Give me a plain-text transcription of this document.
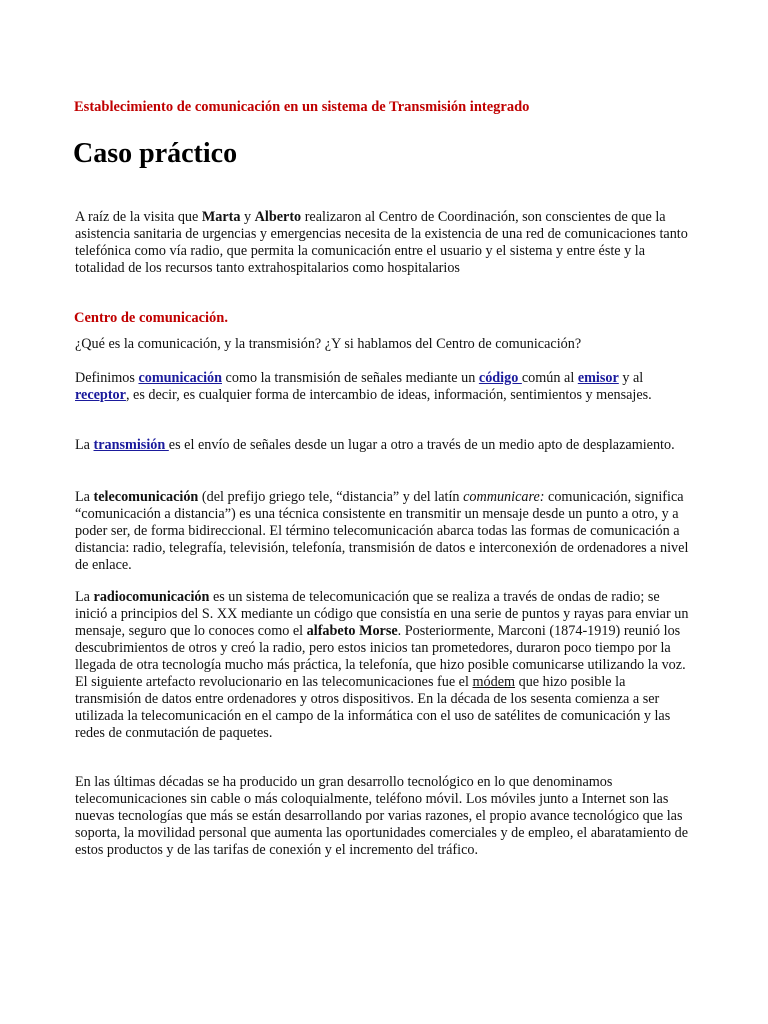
Establecimiento de comunicación en un sistema de Transmisión integrado
Caso práctico

A raíz de la visita que Marta y Alberto realizaron al Centro de Coordinación, son conscientes de que la asistencia sanitaria de urgencias y emergencias necesita de la existencia de una red de comunicaciones tanto telefónica como vía radio, que permita la comunicación entre el usuario y el sistema y entre éste y la totalidad de los recursos tanto extrahospitalarios como hospitalarios

Centro de comunicación.

¿Qué es la comunicación, y la transmisión? ¿Y si hablamos del Centro de comunicación?

Definimos comunicación como la transmisión de señales mediante un código común al emisor y al receptor, es decir, es cualquier forma de intercambio de ideas, información, sentimientos y mensajes.

La transmisión es el envío de señales desde un lugar a otro a través de un medio apto de desplazamiento.

La telecomunicación (del prefijo griego tele, “distancia” y del latín communicare: comunicación, significa “comunicación a distancia”) es una técnica consistente en transmitir un mensaje desde un punto a otro, y a poder ser, de forma bidireccional. El término telecomunicación abarca todas las formas de comunicación a distancia: radio, telegrafía, televisión, telefonía, transmisión de datos e interconexión de ordenadores a nivel de enlace.

La radiocomunicación es un sistema de telecomunicación que se realiza a través de ondas de radio; se inició a principios del S. XX mediante un código que consistía en una serie de puntos y rayas para enviar un mensaje, seguro que lo conoces como el alfabeto Morse. Posteriormente, Marconi (1874-1919) reunió los descubrimientos de otros y creó la radio, pero estos inicios tan prometedores, duraron poco tiempo por la llegada de otra tecnología mucho más práctica, la telefonía, que hizo posible comunicarse utilizando la voz. El siguiente artefacto revolucionario en las telecomunicaciones fue el módem que hizo posible la transmisión de datos entre ordenadores y otros dispositivos. En la década de los sesenta comienza a ser utilizada la telecomunicación en el campo de la informática con el uso de satélites de comunicación y las redes de conmutación de paquetes.

En las últimas décadas se ha producido un gran desarrollo tecnológico en lo que denominamos telecomunicaciones sin cable o más coloquialmente, teléfono móvil. Los móviles junto a Internet son las nuevas tecnologías que más se están desarrollando por varias razones, el propio avance tecnológico que las soporta, la movilidad personal que aumenta las oportunidades comerciales y de empleo, el abaratamiento de estos productos y de las tarifas de conexión y el incremento del tráfico.
